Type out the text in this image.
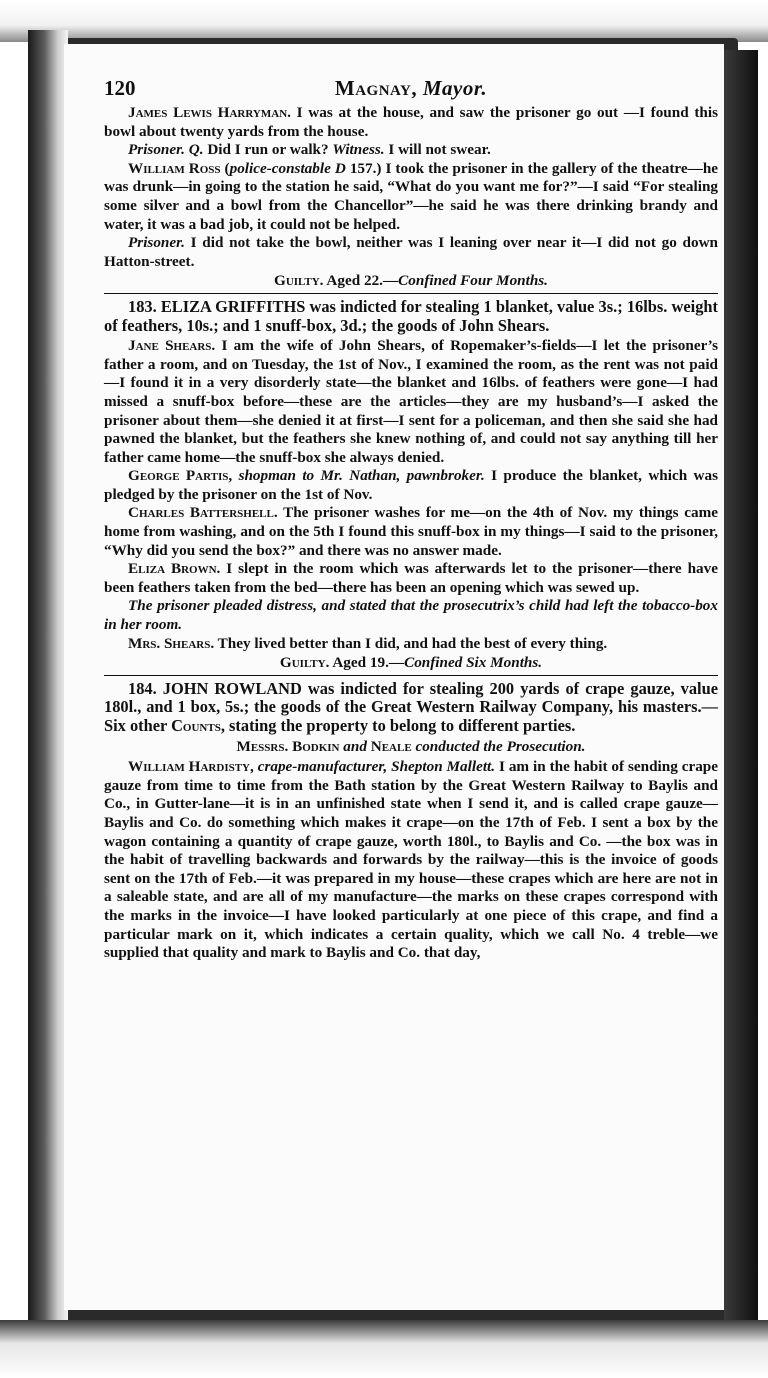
120	Magnay, Mayor.

James Lewis Harryman. I was at the house, and saw the prisoner go out —I found this bowl about twenty yards from the house.

Prisoner. Q. Did I run or walk? Witness. I will not swear.

William Ross (police-constable D 157.) I took the prisoner in the gallery of the theatre—he was drunk—in going to the station he said, “What do you want me for?”—I said “For stealing some silver and a bowl from the Chancellor”—he said he was there drinking brandy and water, it was a bad job, it could not be helped.

Prisoner. I did not take the bowl, neither was I leaning over near it—I did not go down Hatton-street.

Guilty. Aged 22.—Confined Four Months.

183. ELIZA GRIFFITHS was indicted for stealing 1 blanket, value 3s.; 16lbs. weight of feathers, 10s.; and 1 snuff-box, 3d.; the goods of John Shears.

Jane Shears. I am the wife of John Shears, of Ropemaker’s-fields—I let the prisoner’s father a room, and on Tuesday, the 1st of Nov., I examined the room, as the rent was not paid—I found it in a very disorderly state—the blanket and 16lbs. of feathers were gone—I had missed a snuff-box before—these are the articles—they are my husband’s—I asked the prisoner about them—she denied it at first—I sent for a policeman, and then she said she had pawned the blanket, but the feathers she knew nothing of, and could not say anything till her father came home—the snuff-box she always denied.

George Partis, shopman to Mr. Nathan, pawnbroker. I produce the blanket, which was pledged by the prisoner on the 1st of Nov.

Charles Battershell. The prisoner washes for me—on the 4th of Nov. my things came home from washing, and on the 5th I found this snuff-box in my things—I said to the prisoner, “Why did you send the box?” and there was no answer made.

Eliza Brown. I slept in the room which was afterwards let to the prisoner—there have been feathers taken from the bed—there has been an opening which was sewed up.

The prisoner pleaded distress, and stated that the prosecutrix’s child had left the tobacco-box in her room.

Mrs. Shears. They lived better than I did, and had the best of every thing.

Guilty. Aged 19.—Confined Six Months.

184. JOHN ROWLAND was indicted for stealing 200 yards of crape gauze, value 180l., and 1 box, 5s.; the goods of the Great Western Railway Company, his masters.—Six other Counts, stating the property to belong to different parties.

Messrs. Bodkin and Neale conducted the Prosecution.

William Hardisty, crape-manufacturer, Shepton Mallett. I am in the habit of sending crape gauze from time to time from the Bath station by the Great Western Railway to Baylis and Co., in Gutter-lane—it is in an unfinished state when I send it, and is called crape gauze—Baylis and Co. do something which makes it crape—on the 17th of Feb. I sent a box by the wagon containing a quantity of crape gauze, worth 180l., to Baylis and Co. —the box was in the habit of travelling backwards and forwards by the railway—this is the invoice of goods sent on the 17th of Feb.—it was prepared in my house—these crapes which are here are not in a saleable state, and are all of my manufacture—the marks on these crapes correspond with the marks in the invoice—I have looked particularly at one piece of this crape, and find a particular mark on it, which indicates a certain quality, which we call No. 4 treble—we supplied that quality and mark to Baylis and Co. that day,
